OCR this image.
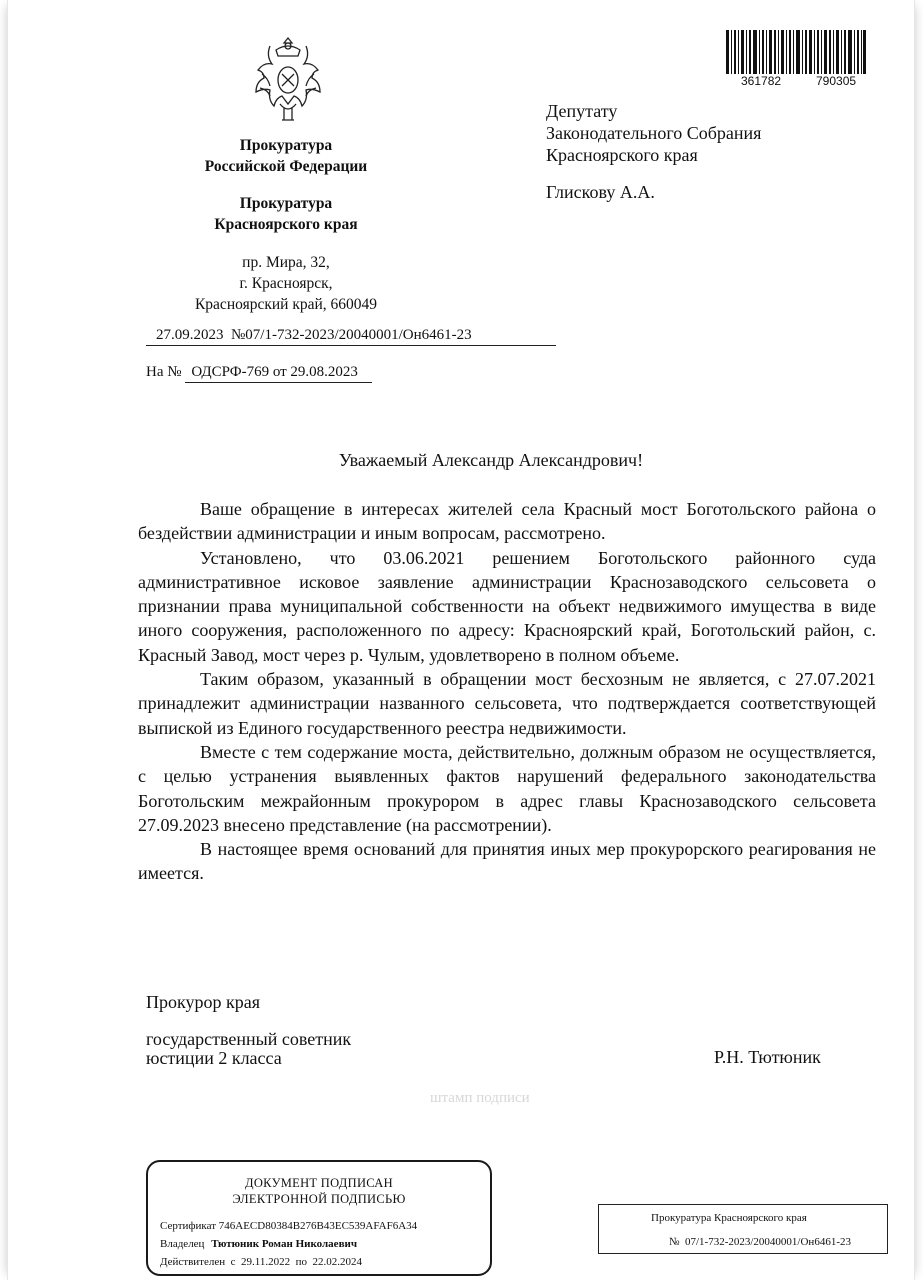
361782	790305
Прокуратура
Российской Федерации
Прокуратура
Красноярского края
пр. Мира, 32,
г. Красноярск,
Красноярский край, 660049
27.09.2023  №07/1-732-2023/20040001/Он6461-23
На № ОДСРФ-769 от 29.08.2023
Депутату
Законодательного Собрания
Красноярского края
Глискову А.А.
Уважаемый Александр Александрович!

Ваше обращение в интересах жителей села Красный мост Боготольского района о бездействии администрации и иным вопросам, рассмотрено.

Установлено, что 03.06.2021 решением Боготольского районного суда административное исковое заявление администрации Краснозаводского сельсовета о признании права муниципальной собственности на объект недвижимого имущества в виде иного сооружения, расположенного по адресу: Красноярский край, Боготольский район, с. Красный Завод, мост через р. Чулым, удовлетворено в полном объеме.

Таким образом, указанный в обращении мост бесхозным не является, с 27.07.2021 принадлежит администрации названного сельсовета, что подтверждается соответствующей выпиской из Единого государственного реестра недвижимости.

Вместе с тем содержание моста, действительно, должным образом не осуществляется, с целью устранения выявленных фактов нарушений федерального законодательства Боготольским межрайонным прокурором в адрес главы Краснозаводского сельсовета 27.09.2023 внесено представление (на рассмотрении).

В настоящее время оснований для принятия иных мер прокурорского реагирования не имеется.

Прокурор края
государственный советник
юстиции 2 класса	Р.Н. Тютюник
штамп подписи
ДОКУМЕНТ ПОДПИСАН
ЭЛЕКТРОННОЙ ПОДПИСЬЮ
Сертификат 746AECD80384B276B43EC539AFAF6A34
Владелец Тютюник Роман Николаевич
Действителен  с  29.11.2022  по  22.02.2024
Прокуратура Красноярского края
№  07/1-732-2023/20040001/Он6461-23
